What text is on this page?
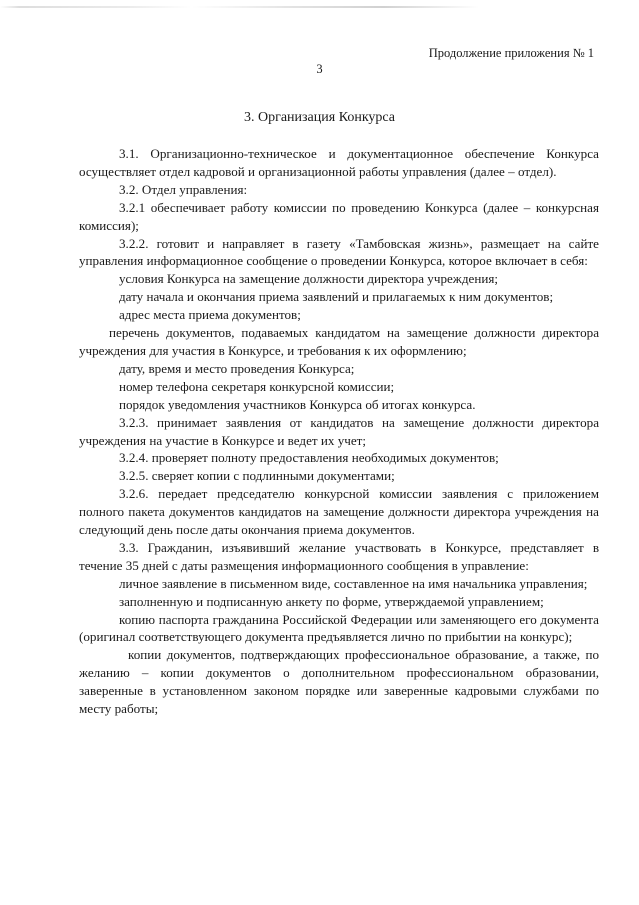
Продолжение приложения № 1
3
3. Организация Конкурса

3.1. Организационно-техническое и документационное обеспечение Конкурса осуществляет отдел кадровой и организационной работы управления (далее – отдел).

3.2. Отдел управления:

3.2.1 обеспечивает работу комиссии по проведению Конкурса (далее – конкурсная комиссия);

3.2.2. готовит и направляет в газету «Тамбовская жизнь», размещает на сайте управления информационное сообщение о проведении Конкурса, которое включает в себя:

условия Конкурса на замещение должности директора учреждения;

дату начала и окончания приема заявлений и прилагаемых к ним документов;

адрес места приема документов;

перечень документов, подаваемых кандидатом на замещение должности директора учреждения для участия в Конкурсе, и требования к их оформлению;

дату, время и место проведения Конкурса;

номер телефона секретаря конкурсной комиссии;

порядок уведомления участников Конкурса об итогах конкурса.

3.2.3. принимает заявления от кандидатов на замещение должности директора учреждения на участие в Конкурсе и ведет их учет;

3.2.4. проверяет полноту предоставления необходимых документов;

3.2.5. сверяет копии с подлинными документами;

3.2.6. передает председателю конкурсной комиссии заявления с приложением полного пакета документов кандидатов на замещение должности директора учреждения на следующий день после даты окончания приема документов.

3.3. Гражданин, изъявивший желание участвовать в Конкурсе, представляет в течение 35 дней с даты размещения информационного сообщения в управление:

личное заявление в письменном виде, составленное на имя начальника управления;

заполненную и подписанную анкету по форме, утверждаемой управлением;

копию паспорта гражданина Российской Федерации или заменяющего его документа (оригинал соответствующего документа предъявляется лично по прибытии на конкурс);

копии документов, подтверждающих профессиональное образование, а также, по желанию – копии документов о дополнительном профессиональном образовании, заверенные в установленном законом порядке или заверенные кадровыми службами по месту работы;
